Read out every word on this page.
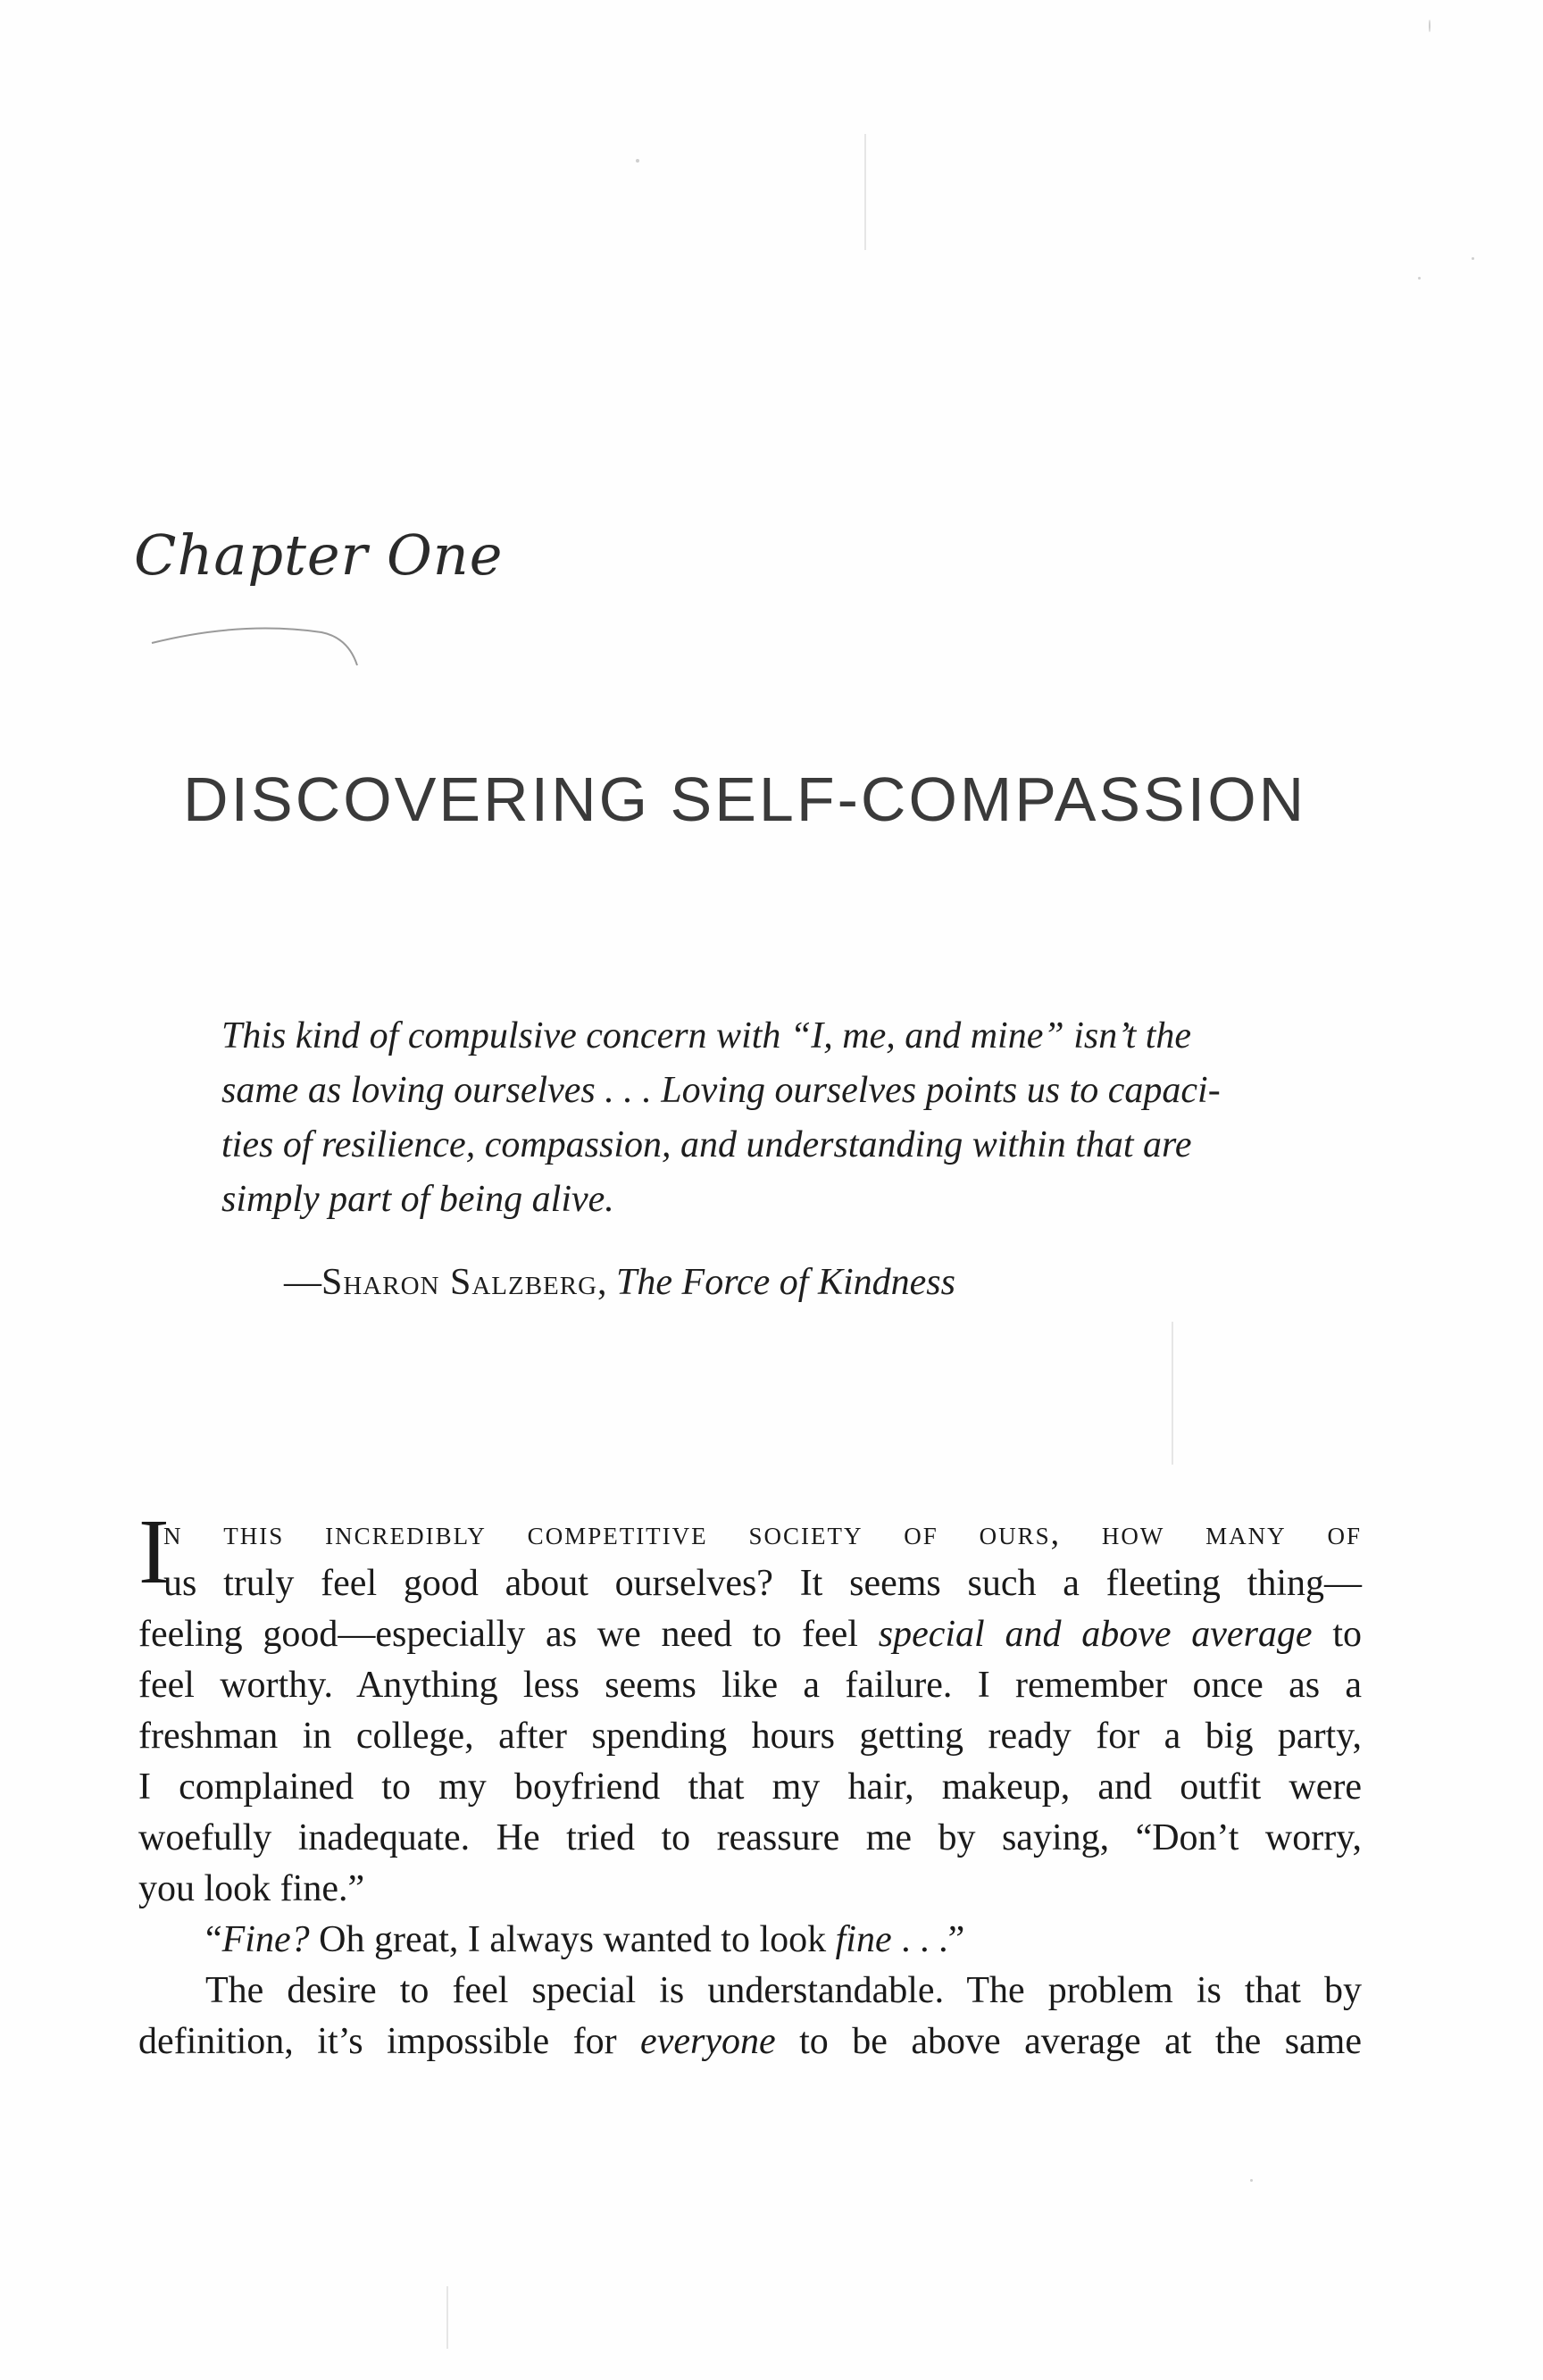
Chapter One
DISCOVERING SELF-COMPASSION
This kind of compulsive concern with “I, me, and mine” isn’t the
same as loving ourselves . . . Loving ourselves points us to capaci-
ties of resilience, compassion, and understanding within that are
simply part of being alive.
—Sharon Salzberg, The Force of Kindness
I
n this incredibly competitive society of ours, how many of
us truly feel good about ourselves? It seems such a fleeting thing—
feeling good—especially as we need to feel special and above average to
feel worthy. Anything less seems like a failure. I remember once as a
freshman in college, after spending hours getting ready for a big party,
I complained to my boyfriend that my hair, makeup, and outfit were
woefully inadequate. He tried to reassure me by saying, “Don’t worry,
you look fine.”
“Fine? Oh great, I always wanted to look fine . . .”
The desire to feel special is understandable. The problem is that by
definition, it’s impossible for everyone to be above average at the same
